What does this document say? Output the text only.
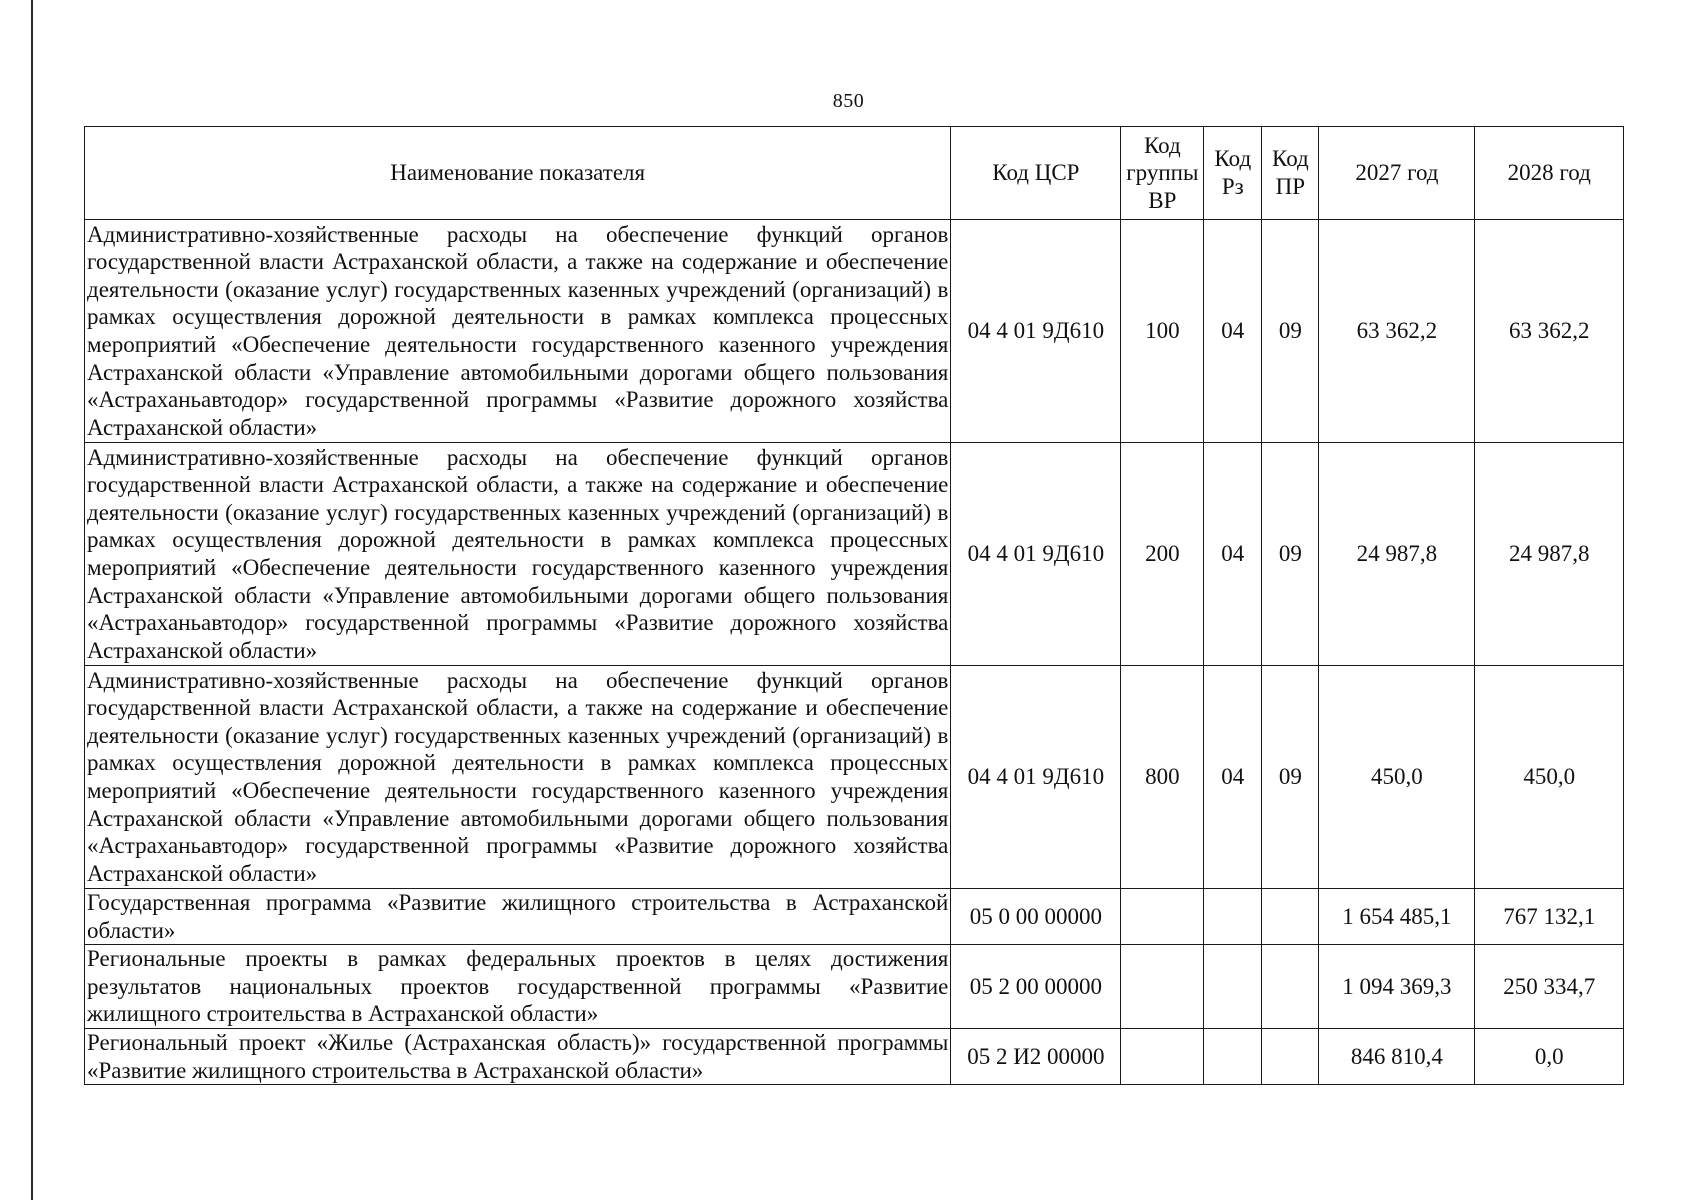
850
Наименование показателя	Код ЦСР	Код группы ВР	Код Рз	Код ПР	2027 год	2028 год
Административно-хозяйственные расходы на обеспечение функций органов государственной власти Астраханской области, а также на содержание и обеспечение деятельности (оказание услуг) государственных казенных учреждений (организаций) в рамках осуществления дорожной деятельности в рамках комплекса процессных мероприятий «Обеспечение деятельности государственного казенного учреждения Астраханской области «Управление автомобильными дорогами общего пользования «Астраханьавтодор» государственной программы «Развитие дорожного хозяйства Астраханской области»	04 4 01 9Д610	100	04	09	63 362,2	63 362,2
Административно-хозяйственные расходы на обеспечение функций органов государственной власти Астраханской области, а также на содержание и обеспечение деятельности (оказание услуг) государственных казенных учреждений (организаций) в рамках осуществления дорожной деятельности в рамках комплекса процессных мероприятий «Обеспечение деятельности государственного казенного учреждения Астраханской области «Управление автомобильными дорогами общего пользования «Астраханьавтодор» государственной программы «Развитие дорожного хозяйства Астраханской области»	04 4 01 9Д610	200	04	09	24 987,8	24 987,8
Административно-хозяйственные расходы на обеспечение функций органов государственной власти Астраханской области, а также на содержание и обеспечение деятельности (оказание услуг) государственных казенных учреждений (организаций) в рамках осуществления дорожной деятельности в рамках комплекса процессных мероприятий «Обеспечение деятельности государственного казенного учреждения Астраханской области «Управление автомобильными дорогами общего пользования «Астраханьавтодор» государственной программы «Развитие дорожного хозяйства Астраханской области»	04 4 01 9Д610	800	04	09	450,0	450,0
Государственная программа «Развитие жилищного строительства в Астраханской области»	05 0 00 00000				1 654 485,1	767 132,1
Региональные проекты в рамках федеральных проектов в целях достижения результатов национальных проектов государственной программы «Развитие жилищного строительства в Астраханской области»	05 2 00 00000				1 094 369,3	250 334,7
Региональный проект «Жилье (Астраханская область)» государственной программы «Развитие жилищного строительства в Астраханской области»	05 2 И2 00000				846 810,4	0,0
